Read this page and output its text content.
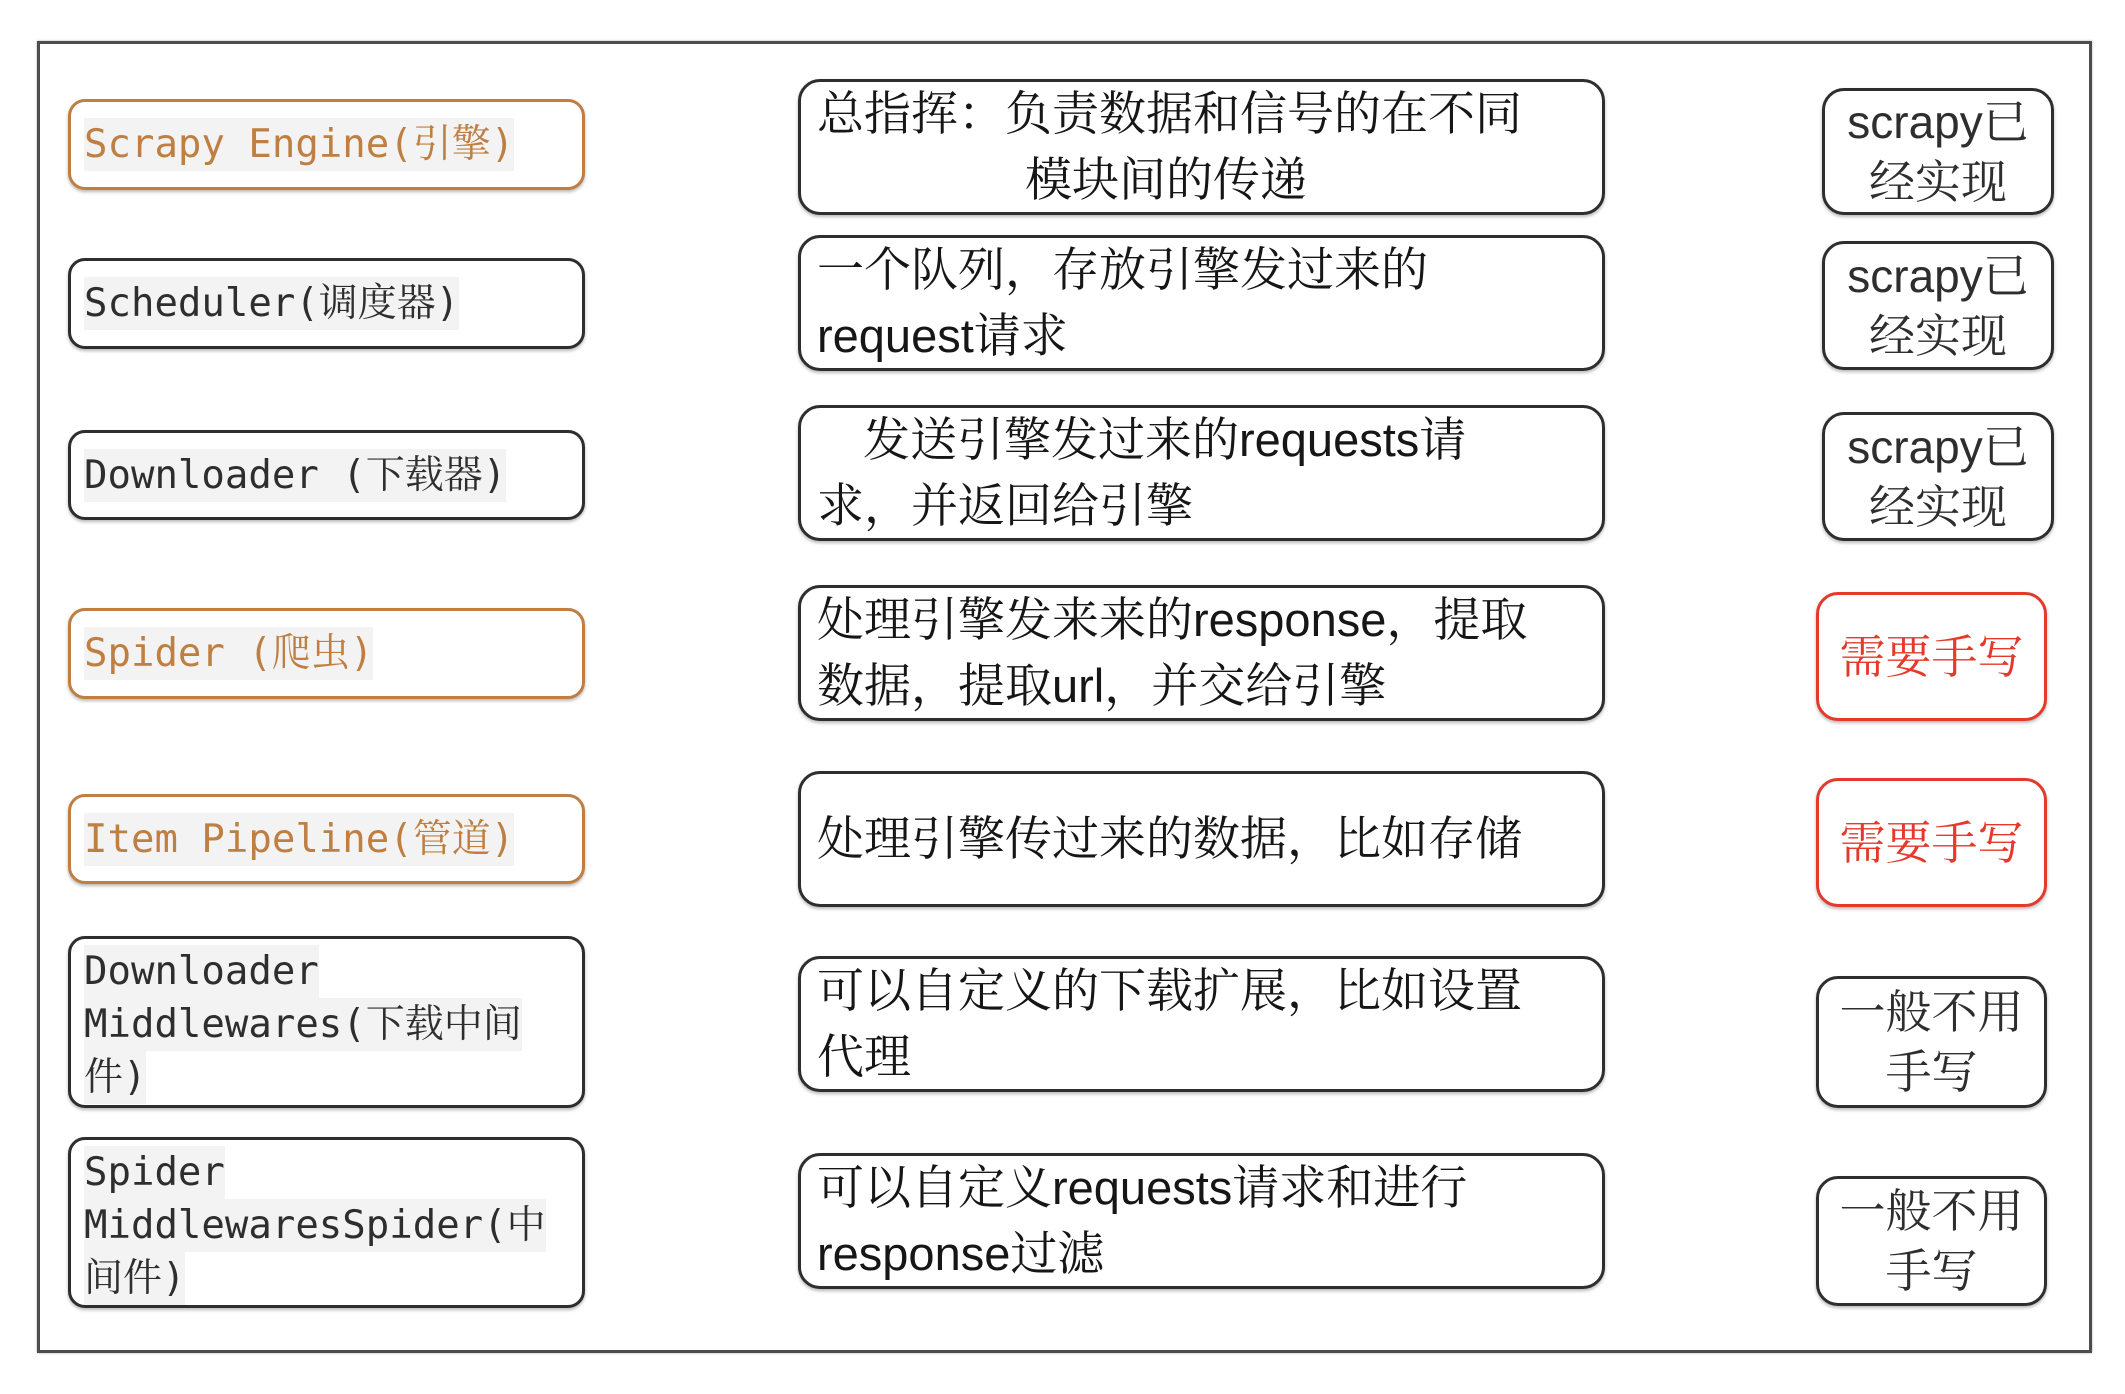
Scrapy Engine(引擎)
总指挥：负责数据和信号的在不同
模块间的传递
scrapy已
经实现
Scheduler(调度器)
一个队列，存放引擎发过来的
request请求
scrapy已
经实现
Downloader (下载器)
发送引擎发过来的requests请
求，并返回给引擎
scrapy已
经实现
Spider (爬虫)
处理引擎发来来的response，提取
数据，提取url，并交给引擎
需要手写
Item Pipeline(管道)	处理引擎传过来的数据，比如存储	需要手写
Downloader
Middlewares(下载中间
件)
可以自定义的下载扩展，比如设置
代理
一般不用
手写
Spider
MiddlewaresSpider(中
间件)
可以自定义requests请求和进行
response过滤
一般不用
手写
